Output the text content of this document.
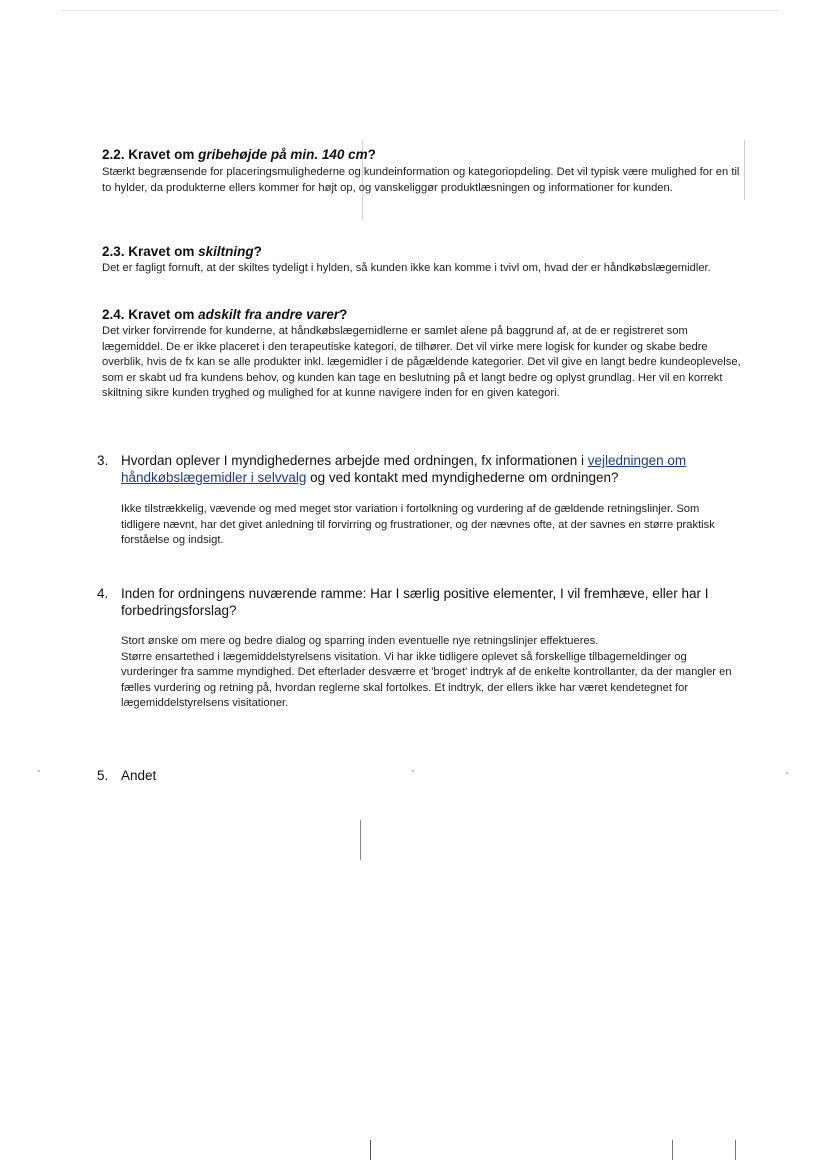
2.2. Kravet om gribehøjde på min. 140 cm?

Stærkt begrænsende for placeringsmulighederne og kundeinformation og kategoriopdeling. Det vil typisk være mulighed for en til to hylder, da produkterne ellers kommer for højt op, og vanskeliggør produktlæsningen og informationer for kunden.

2.3. Kravet om skiltning?

Det er fagligt fornuft, at der skiltes tydeligt i hylden, så kunden ikke kan komme i tvivl om, hvad der er håndkøbslægemidler.

2.4. Kravet om adskilt fra andre varer?

Det virker forvirrende for kunderne, at håndkøbslægemidlerne er samlet alene på baggrund af, at de er registreret som lægemiddel. De er ikke placeret i den terapeutiske kategori, de tilhører. Det vil virke mere logisk for kunder og skabe bedre overblik, hvis de fx kan se alle produkter inkl. lægemidler i de pågældende kategorier. Det vil give en langt bedre kundeoplevelse, som er skabt ud fra kundens behov, og kunden kan tage en beslutning på et langt bedre og oplyst grundlag. Her vil en korrekt skiltning sikre kunden tryghed og mulighed for at kunne navigere inden for en given kategori.

3. Hvordan oplever I myndighedernes arbejde med ordningen, fx informationen i vejledningen om håndkøbslægemidler i selvvalg og ved kontakt med myndighederne om ordningen?

Ikke tilstrækkelig, vævende og med meget stor variation i fortolkning og vurdering af de gældende retningslinjer. Som tidligere nævnt, har det givet anledning til forvirring og frustrationer, og der nævnes ofte, at der savnes en større praktisk forståelse og indsigt.

4. Inden for ordningens nuværende ramme: Har I særlig positive elementer, I vil fremhæve, eller har I forbedringsforslag?

Stort ønske om mere og bedre dialog og sparring inden eventuelle nye retningslinjer effektueres.

Større ensartethed i lægemiddelstyrelsens visitation. Vi har ikke tidligere oplevet så forskellige tilbagemeldinger og vurderinger fra samme myndighed. Det efterlader desværre et 'broget' indtryk af de enkelte kontrollanter, da der mangler en fælles vurdering og retning på, hvordan reglerne skal fortolkes. Et indtryk, der ellers ikke har været kendetegnet for lægemiddelstyrelsens visitationer.

5. Andet
